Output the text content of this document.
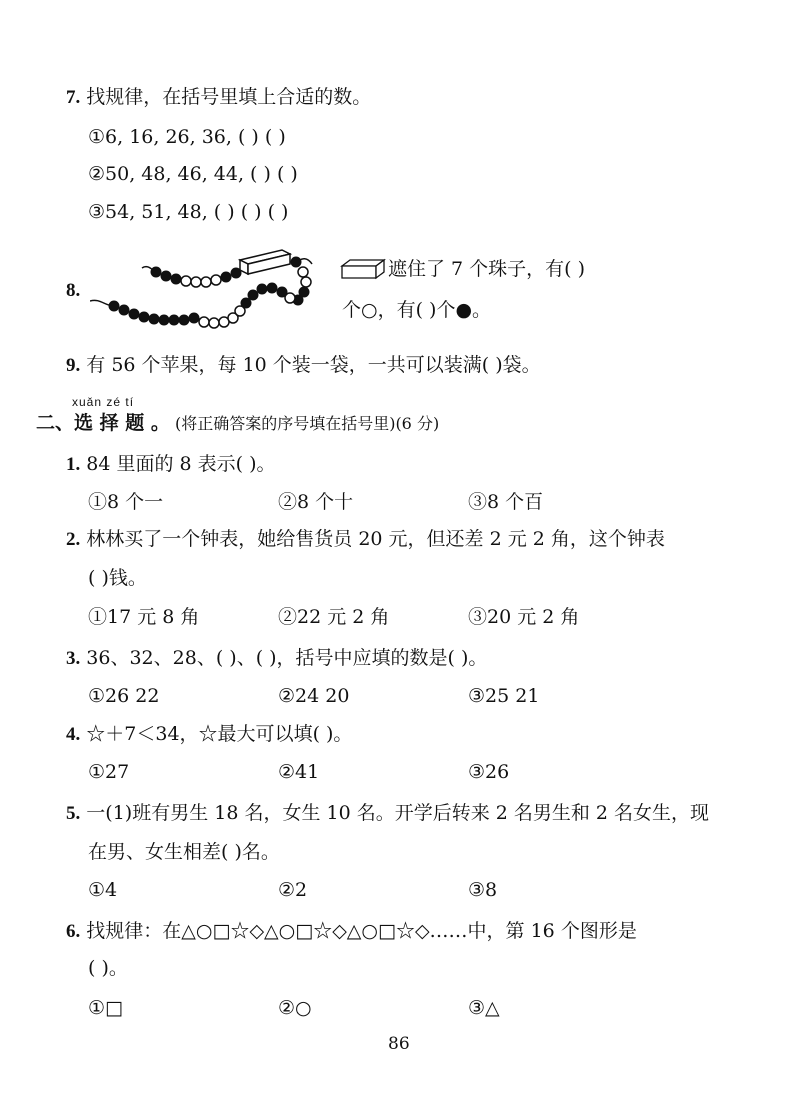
7. 找规律，在括号里填上合适的数。
①6, 16, 26, 36, ( ) ( )
②50, 48, 46, 44, ( ) ( )
③54, 51, 48, ( ) ( ) ( )
8.
遮住了 7 个珠子，有( )
个○，有( )个●。
9. 有 56 个苹果，每 10 个装一袋，一共可以装满( )袋。
xuǎn zé tí
二、选 择 题 。 (将正确答案的序号填在括号里)(6 分)
1. 84 里面的 8 表示( )。
①8 个一	②8 个十	③8 个百
2. 林林买了一个钟表，她给售货员 20 元，但还差 2 元 2 角，这个钟表
( )钱。
①17 元 8 角	②22 元 2 角	③20 元 2 角
3. 36、32、28、( )、( )，括号中应填的数是( )。
①26 22	②24 20	③25 21
4. ☆＋7＜34，☆最大可以填( )。
①27	②41	③26
5. 一(1)班有男生 18 名，女生 10 名。开学后转来 2 名男生和 2 名女生，现
在男、女生相差( )名。
①4	②2	③8
6. 找规律：在△○□☆◇△○□☆◇△○□☆◇……中，第 16 个图形是
( )。
①□	②○	③△
86
